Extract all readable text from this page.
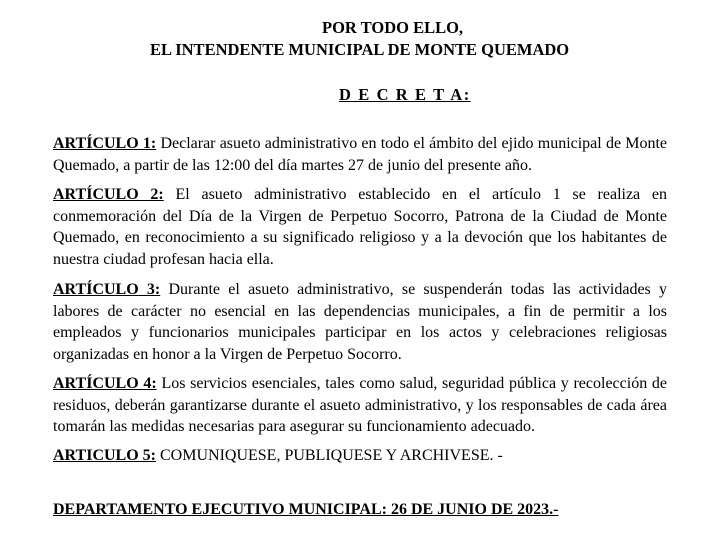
POR TODO ELLO,
EL INTENDENTE MUNICIPAL DE MONTE QUEMADO
D E C R E T A:
ARTÍCULO 1: Declarar asueto administrativo en todo el ámbito del ejido municipal de Monte Quemado, a partir de las 12:00 del día martes 27 de junio del presente año.
ARTÍCULO 2: El asueto administrativo establecido en el artículo 1 se realiza en conmemoración del Día de la Virgen de Perpetuo Socorro, Patrona de la Ciudad de Monte Quemado, en reconocimiento a su significado religioso y a la devoción que los habitantes de nuestra ciudad profesan hacia ella.
ARTÍCULO 3: Durante el asueto administrativo, se suspenderán todas las actividades y labores de carácter no esencial en las dependencias municipales, a fin de permitir a los empleados y funcionarios municipales participar en los actos y celebraciones religiosas organizadas en honor a la Virgen de Perpetuo Socorro.
ARTÍCULO 4: Los servicios esenciales, tales como salud, seguridad pública y recolección de residuos, deberán garantizarse durante el asueto administrativo, y los responsables de cada área tomarán las medidas necesarias para asegurar su funcionamiento adecuado.
ARTICULO 5: COMUNIQUESE, PUBLIQUESE Y ARCHIVESE. -
DEPARTAMENTO EJECUTIVO MUNICIPAL: 26 DE JUNIO DE 2023.-
